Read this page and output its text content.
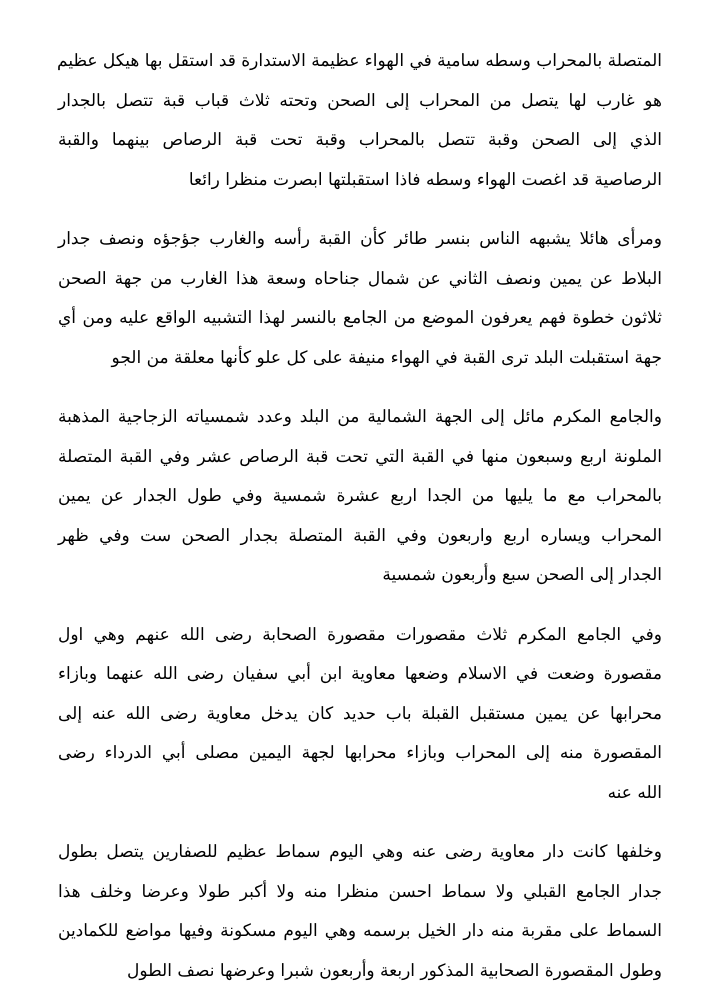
المتصلة بالمحراب وسطه سامية في الهواء عظيمة الاستدارة قد استقل بها هيكل عظيم
هو غارب لها يتصل من المحراب إلى الصحن وتحته ثلاث قباب قبة تتصل بالجدار
الذي إلى الصحن وقبة تتصل بالمحراب وقبة تحت قبة الرصاص بينهما والقبة
الرصاصية قد اغصت الهواء وسطه فاذا استقبلتها ابصرت منظرا رائعا
ومرأى هائلا يشبهه الناس بنسر طائر كأن القبة رأسه والغارب جؤجؤه ونصف جدار
البلاط عن يمين ونصف الثاني عن شمال جناحاه وسعة هذا الغارب من جهة الصحن
ثلاثون خطوة فهم يعرفون الموضع من الجامع بالنسر لهذا التشبيه الواقع عليه ومن أي
جهة استقبلت البلد ترى القبة في الهواء منيفة على كل علو كأنها معلقة من الجو
والجامع المكرم مائل إلى الجهة الشمالية من البلد وعدد شمسياته الزجاجية المذهبة
الملونة اربع وسبعون منها في القبة التي تحت قبة الرصاص عشر وفي القبة المتصلة
بالمحراب مع ما يليها من الجدا اربع عشرة شمسية وفي طول الجدار عن يمين
المحراب ويساره اربع واربعون وفي القبة المتصلة بجدار الصحن ست وفي ظهر
الجدار إلى الصحن سبع وأربعون شمسية
وفي الجامع المكرم ثلاث مقصورات مقصورة الصحابة رضى الله عنهم وهي اول
مقصورة وضعت في الاسلام وضعها معاوية ابن أبي سفيان رضى الله عنهما وبازاء
محرابها عن يمين مستقبل القبلة باب حديد كان يدخل معاوية رضى الله عنه إلى
المقصورة منه إلى المحراب وبازاء محرابها لجهة اليمين مصلى أبي الدرداء رضى
الله عنه
وخلفها كانت دار معاوية رضى عنه وهي اليوم سماط عظيم للصفارين يتصل بطول
جدار الجامع القبلي ولا سماط احسن منظرا منه ولا أكبر طولا وعرضا وخلف هذا
السماط على مقربة منه دار الخيل برسمه وهي اليوم مسكونة وفيها مواضع للكمادين
وطول المقصورة الصحابية المذكور اربعة وأربعون شبرا وعرضها نصف الطول
